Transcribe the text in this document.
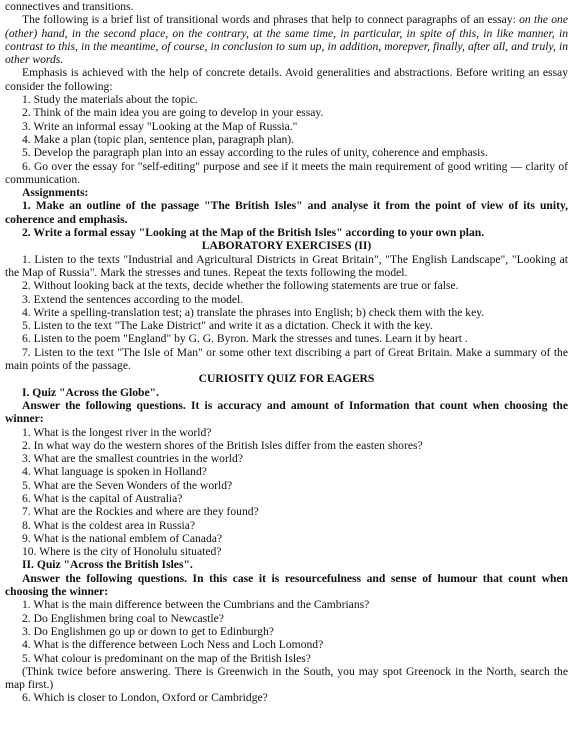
connectives and transitions.

The following is a brief list of transitional words and phrases that help to connect paragraphs of an essay: on the one (other) hand, in the second place, on the contrary, at the same time, in particular, in spite of this, in like manner, in contrast to this, in the meantime, of course, in conclusion to sum up, in addition, morepver, finally, after all, and truly, in other words.

Emphasis is achieved with the help of concrete details. Avoid generalities and abstractions. Before writing an essay consider the following:

1. Study the materials about the topic.

2. Think of the main idea you are going to develop in your essay.

3. Write an informal essay "Looking at the Map of Russia."

4. Make a plan (topic plan, sentence plan, paragraph plan).

5. Develop the paragraph plan into an essay according to the rules of unity, coherence and emphasis.

6. Go over the essay for "self-editing" purpose and see if it meets the main requirement of good writing — clarity of communication.

Assignments:

1. Make an outline of the passage "The British Isles" and analyse it from the point of view of its unity, coherence and emphasis.

2. Write a formal essay "Looking at the Map of the British Isles" according to your own plan.

LABORATORY EXERCISES (II)

1. Listen to the texts "Industrial and Agricultural Districts in Great Britain", "The English Landscape", "Looking at the Map of Russia". Mark the stresses and tunes. Repeat the texts following the model.

2. Without looking back at the texts, decide whether the following statements are true or false.

3. Extend the sentences according to the model.

4. Write a spelling-translation test; a) translate the phrases into English; b) check them with the key.

5. Listen to the text "The Lake District" and write it as a dictation. Check it with the key.

6. Listen to the poem "England" by G. G. Byron. Mark the stresses and tunes. Learn it by heart .

7. Listen to the text "The Isle of Man" or some other text discribing a part of Great Britain. Make a summary of the main points of the passage.

CURIOSITY QUIZ FOR EAGERS

I. Quiz "Across the Globe".

Answer the following questions. It is accuracy and amount of Information that count when choosing the winner:

1. What is the longest river in the world?

2. In what way do the western shores of the British Isles differ from the easten shores?

3. What are the smallest countries in the world?

4. What language is spoken in Holland?

5. What are the Seven Wonders of the world?

6. What is the capital of Australia?

7. What are the Rockies and where are they found?

8. What is the coldest area in Russia?

9. What is the national emblem of Canada?

10. Where is the city of Honolulu situated?

II. Quiz "Across the British Isles".

Answer the following questions. In this case it is resourcefulness and sense of humour that count when choosing the winner:

1. What is the main difference between the Cumbrians and the Cambrians?

2. Do Englishmen bring coal to Newcastle?

3. Do Englishmen go up or down to get to Edinburgh?

4. What is the difference between Loch Ness and Loch Lomond?

5. What colour is predominant on the map of the British Isles?

(Think twice before answering. There is Greenwich in the South, you may spot Greenock in the North, search the map first.)

6. Which is closer to London, Oxford or Cambridge?
